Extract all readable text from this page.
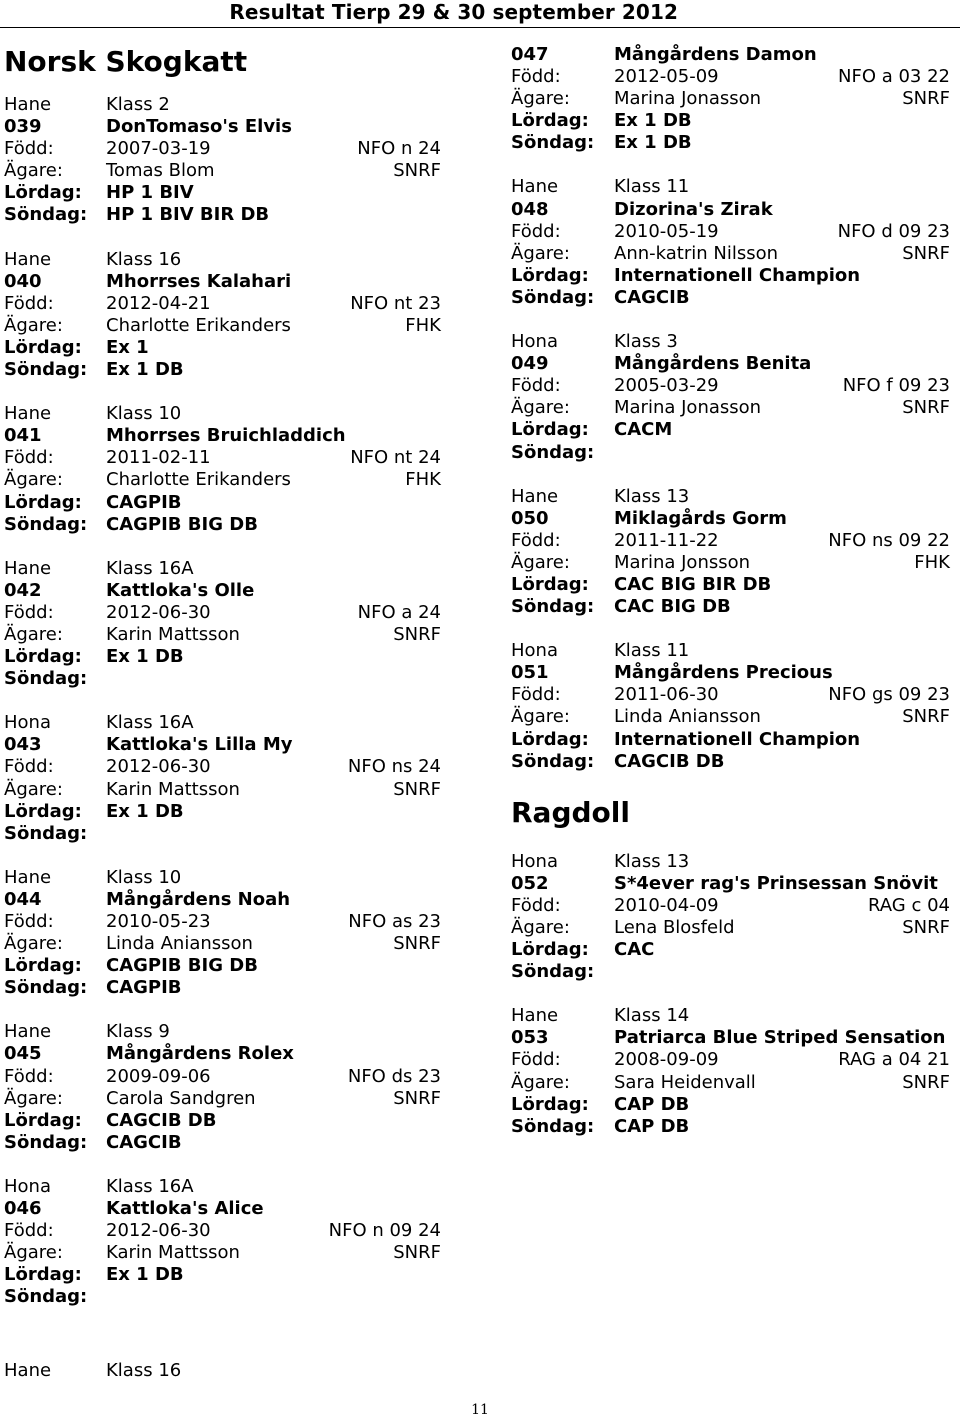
Resultat Tierp 29 & 30 september 2012
Norsk Skogkatt
Hane	Klass 2
039	DonTomaso's Elvis
Född:	2007-03-19	NFO n 24
Ägare: Tomas Blom	SNRF
Lördag: HP 1 BIV
Söndag: HP 1 BIV BIR DB
Hane	Klass 16
040	Mhorrses Kalahari
Född:	2012-04-21	NFO nt 23
Ägare: Charlotte Erikanders	FHK
Lördag: Ex 1
Söndag: Ex 1 DB
Hane	Klass 10
041	Mhorrses Bruichladdich
Född:	2011-02-11	NFO nt 24
Ägare: Charlotte Erikanders	FHK
Lördag: CAGPIB
Söndag: CAGPIB BIG DB
Hane	Klass 16A
042	Kattloka's Olle
Född:	2012-06-30	NFO a 24
Ägare: Karin Mattsson	SNRF
Lördag: Ex 1 DB
Söndag:
Hona	Klass 16A
043	Kattloka's Lilla My
Född:	2012-06-30	NFO ns 24
Ägare: Karin Mattsson	SNRF
Lördag: Ex 1 DB
Söndag:
Hane	Klass 10
044	Mångårdens Noah
Född:	2010-05-23	NFO as 23
Ägare: Linda Aniansson	SNRF
Lördag: CAGPIB BIG DB
Söndag: CAGPIB
Hane	Klass 9
045	Mångårdens Rolex
Född:	2009-09-06	NFO ds 23
Ägare: Carola Sandgren	SNRF
Lördag: CAGCIB DB
Söndag: CAGCIB
Hona	Klass 16A
046	Kattloka's Alice
Född:	2012-06-30	NFO n 09 24
Ägare: Karin Mattsson	SNRF
Lördag: Ex 1 DB
Söndag:
047	Mångårdens Damon
Född:	2012-05-09	NFO a 03 22
Ägare: Marina Jonasson	SNRF
Lördag: Ex 1 DB
Söndag: Ex 1 DB
Hane	Klass 11
048	Dizorina's Zirak
Född:	2010-05-19	NFO d 09 23
Ägare: Ann-katrin Nilsson	SNRF
Lördag: Internationell Champion
Söndag: CAGCIB
Hona	Klass 3
049	Mångårdens Benita
Född:	2005-03-29	NFO f 09 23
Ägare: Marina Jonasson	SNRF
Lördag: CACM
Söndag:
Hane	Klass 13
050	Miklagårds Gorm
Född:	2011-11-22	NFO ns 09 22
Ägare: Marina Jonsson	FHK
Lördag: CAC BIG BIR DB
Söndag: CAC BIG DB
Hona	Klass 11
051	Mångårdens Precious
Född:	2011-06-30	NFO gs 09 23
Ägare: Linda Aniansson	SNRF
Lördag: Internationell Champion
Söndag: CAGCIB DB
Ragdoll
Hona	Klass 13
052	S*4ever rag's Prinsessan Snövit
Född:	2010-04-09	RAG c 04
Ägare: Lena Blosfeld	SNRF
Lördag: CAC
Söndag:
Hane	Klass 14
053	Patriarca Blue Striped Sensation
Född:	2008-09-09	RAG a 04 21
Ägare: Sara Heidenvall	SNRF
Lördag: CAP DB
Söndag: CAP DB
Hane	Klass 16
11
